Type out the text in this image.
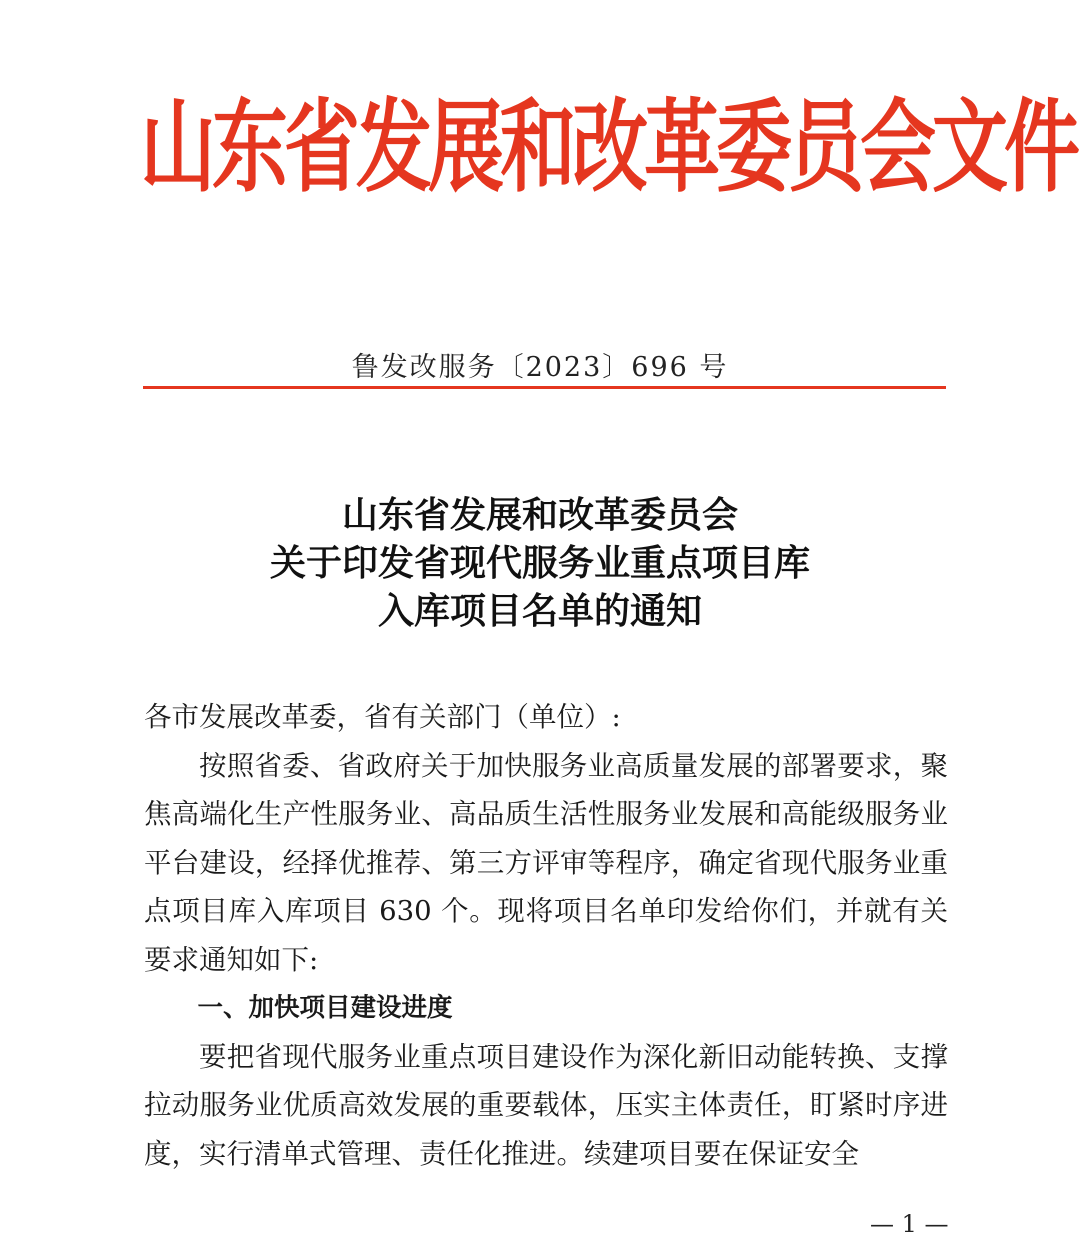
山东省发展和改革委员会文件
鲁发改服务〔2023〕696 号
山东省发展和改革委员会
关于印发省现代服务业重点项目库
入库项目名单的通知

各市发展改革委，省有关部门（单位）:

按照省委、省政府关于加快服务业高质量发展的部署要求，聚焦高端化生产性服务业、高品质生活性服务业发展和高能级服务业平台建设，经择优推荐、第三方评审等程序，确定省现代服务业重点项目库入库项目 630 个。现将项目名单印发给你们，并就有关要求通知如下:

一、加快项目建设进度

要把省现代服务业重点项目建设作为深化新旧动能转换、支撑拉动服务业优质高效发展的重要载体，压实主体责任，盯紧时序进度，实行清单式管理、责任化推进。续建项目要在保证安全

— 1 —
